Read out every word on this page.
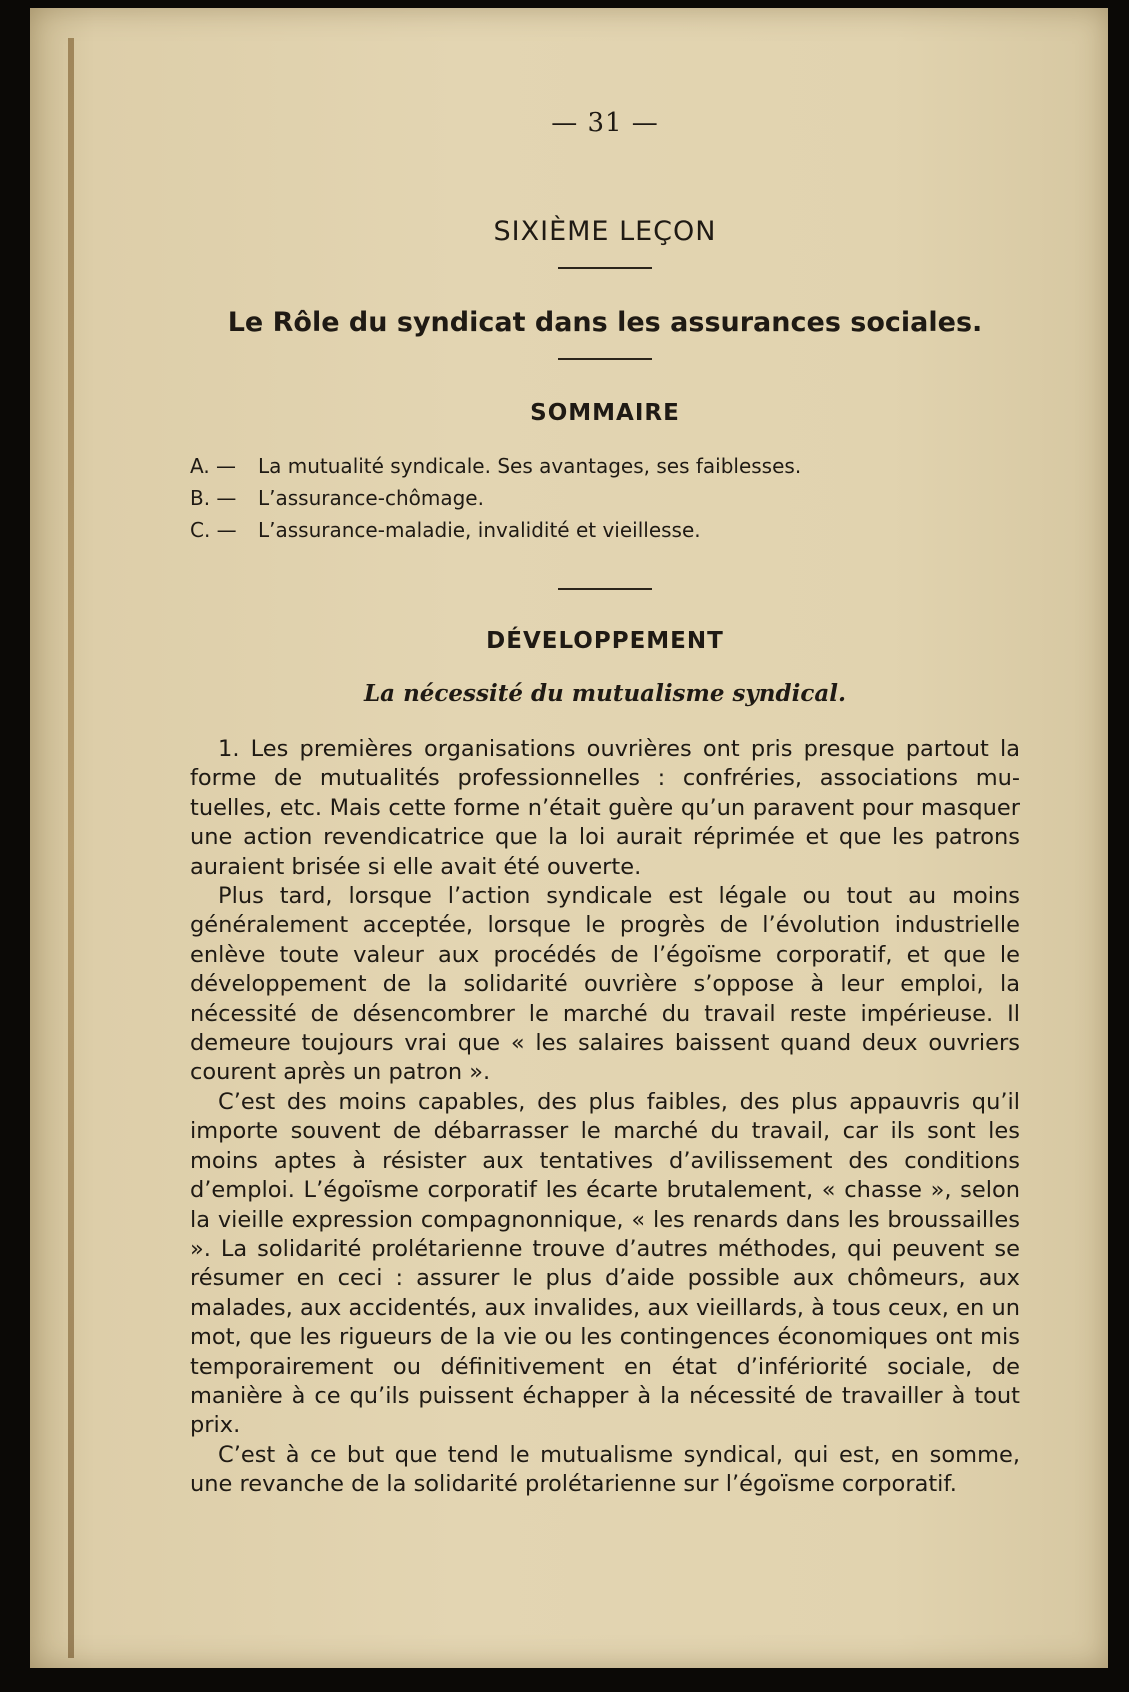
— 31 —

SIXIÈME LEÇON
Le Rôle du syndicat dans les assurances sociales.
SOMMAIRE
A. —	La mutualité syndicale. Ses avantages, ses faiblesses.
B. —	L’assurance-chômage.
C. —	L’assurance-maladie, invalidité et vieillesse.
DÉVELOPPEMENT
La nécessité du mutualisme syndical.

1. Les premières organisations ouvrières ont pris presque partout la forme de mutualités professionnelles : confréries, associations mutuelles, etc. Mais cette forme n’était guère qu’un paravent pour masquer une action revendicatrice que la loi aurait réprimée et que les patrons auraient brisée si elle avait été ouverte.

Plus tard, lorsque l’action syndicale est légale ou tout au moins généralement acceptée, lorsque le progrès de l’évolution industrielle enlève toute valeur aux procédés de l’égoïsme corporatif, et que le développement de la solidarité ouvrière s’oppose à leur emploi, la nécessité de désencombrer le marché du travail reste impérieuse. Il demeure toujours vrai que « les salaires baissent quand deux ouvriers courent après un patron ».

C’est des moins capables, des plus faibles, des plus appauvris qu’il importe souvent de débarrasser le marché du travail, car ils sont les moins aptes à résister aux tentatives d’avilissement des conditions d’emploi. L’égoïsme corporatif les écarte brutalement, « chasse », selon la vieille expression compagnonnique, « les renards dans les broussailles ». La solidarité prolétarienne trouve d’autres méthodes, qui peuvent se résumer en ceci : assurer le plus d’aide possible aux chômeurs, aux malades, aux accidentés, aux invalides, aux vieillards, à tous ceux, en un mot, que les rigueurs de la vie ou les contingences économiques ont mis temporairement ou définitivement en état d’infériorité sociale, de manière à ce qu’ils puissent échapper à la nécessité de travailler à tout prix.

C’est à ce but que tend le mutualisme syndical, qui est, en somme, une revanche de la solidarité prolétarienne sur l’égoïsme corporatif.
